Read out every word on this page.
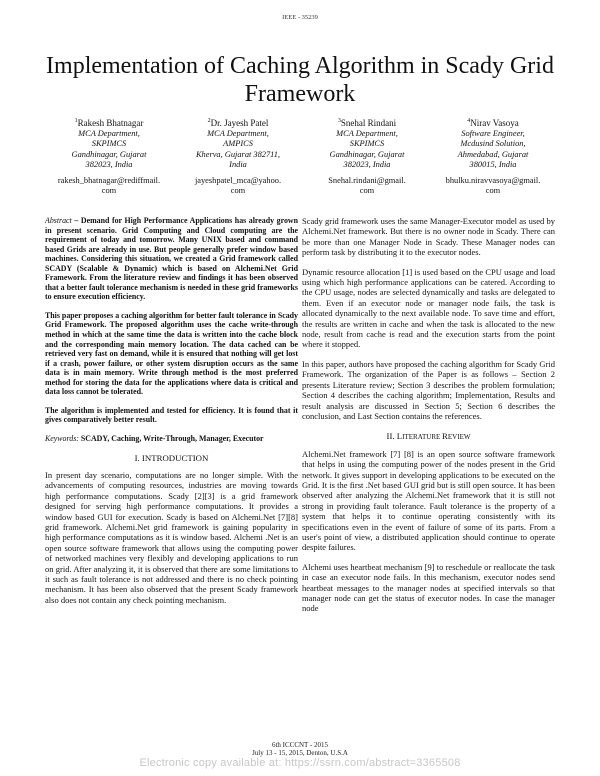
IEEE - 35239
Implementation of Caching Algorithm in Scady Grid Framework
$^1$Rakesh Bhatnagar
MCA Department,
SKPIMCS
Gandhinagar, Gujarat
382023, India
rakesh_bhatnagar@rediffmail.
com
$^2$Dr. Jayesh Patel
MCA Department,
AMPICS
Kherva, Gujarat 382711,
India
jayeshpatel_mca@yahoo.
com
$^3$Snehal Rindani
MCA Department,
SKPIMCS
Gandhinagar, Gujarat
382023, India
Snehal.rindani@gmail.
com
$^4$Nirav Vasoya
Software Engineer,
Mcdusind Solution,
Ahmedabad, Gujarat
380015, India
bhulku.niravvasoya@gmail.
com

Abstract – Demand for High Performance Applications has already grown in present scenario. Grid Computing and Cloud computing are the requirement of today and tomorrow. Many UNIX based and command based Grids are already in use. But people generally prefer window based machines. Considering this situation, we created a Grid framework called SCADY (Scalable & Dynamic) which is based on Alchemi.Net Grid Framework. From the literature review and findings it has been observed that a better fault tolerance mechanism is needed in these grid frameworks to ensure execution efficiency.

This paper proposes a caching algorithm for better fault tolerance in Scady Grid Framework. The proposed algorithm uses the cache write-through method in which at the same time the data is written into the cache block and the corresponding main memory location. The data cached can be retrieved very fast on demand, while it is ensured that nothing will get lost if a crash, power failure, or other system disruption occurs as the same data is in main memory. Write through method is the most preferred method for storing the data for the applications where data is critical and data loss cannot be tolerated.

The algorithm is implemented and tested for efficiency. It is found that it gives comparatively better result.

Keywords: SCADY, Caching, Write-Through, Manager, Executor

I. INTRODUCTION

In present day scenario, computations are no longer simple. With the advancements of computing resources, industries are moving towards high performance computations. Scady [2][3] is a grid framework designed for serving high performance computations. It provides a window based GUI for execution. Scady is based on Alchemi.Net [7][8] grid framework. Alchemi.Net grid framework is gaining popularity in high performance computations as it is window based. Alchemi .Net is an open source software framework that allows using the computing power of networked machines very flexibly and developing applications to run on grid. After analyzing it, it is observed that there are some limitations to it such as fault tolerance is not addressed and there is no check pointing mechanism. It has been also observed that the present Scady framework also does not contain any check pointing mechanism.

Scady grid framework uses the same Manager-Executor model as used by Alchemi.Net framework. But there is no owner node in Scady. There can be more than one Manager Node in Scady. These Manager nodes can perform task by distributing it to the executor nodes.

Dynamic resource allocation [1] is used based on the CPU usage and load using which high performance applications can be catered. According to the CPU usage, nodes are selected dynamically and tasks are delegated to them. Even if an executor node or manager node fails, the task is allocated dynamically to the next available node. To save time and effort, the results are written in cache and when the task is allocated to the new node, result from cache is read and the execution starts from the point where it stopped.

In this paper, authors have proposed the caching algorithm for Scady Grid Framework. The organization of the Paper is as follows – Section 2 presents Literature review; Section 3 describes the problem formulation; Section 4 describes the caching algorithm; Implementation, Results and result analysis are discussed in Section 5; Section 6 describes the conclusion, and Last Section contains the references.

II. LITERATURE REVIEW

Alchemi.Net framework [7] [8] is an open source software framework that helps in using the computing power of the nodes present in the Grid network. It gives support in developing applications to be executed on the Grid. It is the first .Net based GUI grid but is still open source. It has been observed after analyzing the Alchemi.Net framework that it is still not strong in providing fault tolerance. Fault tolerance is the property of a system that helps it to continue operating consistently with its specifications even in the event of failure of some of its parts. From a user's point of view, a distributed application should continue to operate despite failures.

Alchemi uses heartbeat mechanism [9] to reschedule or reallocate the task in case an executor node fails. In this mechanism, executor nodes send heartbeat messages to the manager nodes at specified intervals so that manager node can get the status of executor nodes. In case the manager node

6th ICCCNT - 2015
July 13 - 15, 2015, Denton, U.S.A
Electronic copy available at: https://ssrn.com/abstract=3365508
